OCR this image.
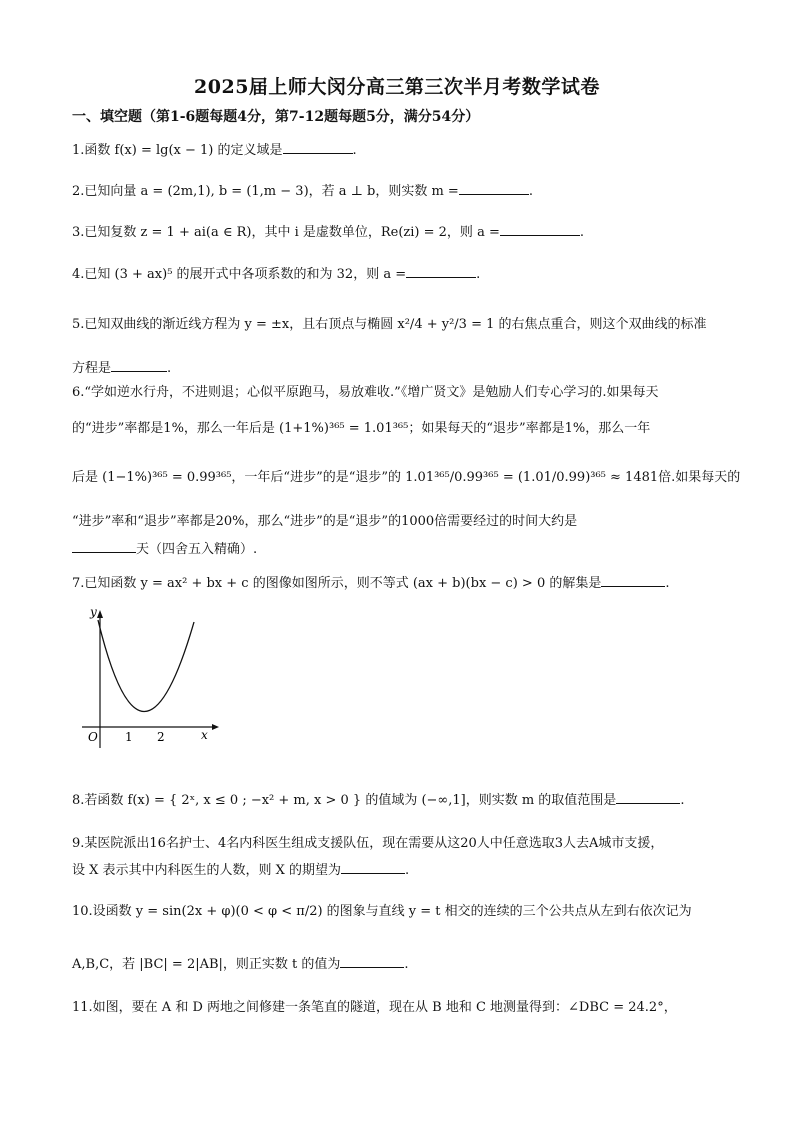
2025届上师大闵分高三第三次半月考数学试卷
一、填空题（第1-6题每题4分，第7-12题每题5分，满分54分）
1.函数 f(x) = lg(x − 1) 的定义域是	.
2.已知向量 a = (2m,1), b = (1,m − 3)，若 a ⊥ b，则实数 m =	.
3.已知复数 z = 1 + ai(a ∈ R)，其中 i 是虚数单位，Re(zi) = 2，则 a =	.
4.已知 (3 + ax)⁵ 的展开式中各项系数的和为 32，则 a =	.
5.已知双曲线的渐近线方程为 y = ±x，且右顶点与椭圆 x²/4 + y²/3 = 1 的右焦点重合，则这个双曲线的标准
方程是	.
6.“学如逆水行舟，不进则退；心似平原跑马，易放难收.”《增广贤文》是勉励人们专心学习的.如果每天
的“进步”率都是1%，那么一年后是 (1+1%)³⁶⁵ = 1.01³⁶⁵；如果每天的“退步”率都是1%，那么一年
后是 (1−1%)³⁶⁵ = 0.99³⁶⁵，一年后“进步”的是“退步”的 1.01³⁶⁵/0.99³⁶⁵ = (1.01/0.99)³⁶⁵ ≈ 1481倍.如果每天的
“进步”率和“退步”率都是20%，那么“进步”的是“退步”的1000倍需要经过的时间大约是
天（四舍五入精确）.
7.已知函数 y = ax² + bx + c 的图像如图所示，则不等式 (ax + b)(bx − c) > 0 的解集是	.
y
x
O 1 2
8.若函数 f(x) = { 2ˣ, x ≤ 0 ; −x² + m, x > 0 } 的值域为 (−∞,1]，则实数 m 的取值范围是	.
9.某医院派出16名护士、4名内科医生组成支援队伍，现在需要从这20人中任意选取3人去A城市支援，
设 X 表示其中内科医生的人数，则 X 的期望为	.
10.设函数 y = sin(2x + φ)(0 < φ < π/2) 的图象与直线 y = t 相交的连续的三个公共点从左到右依次记为
A,B,C，若 |BC| = 2|AB|，则正实数 t 的值为	.
11.如图，要在 A 和 D 两地之间修建一条笔直的隧道，现在从 B 地和 C 地测量得到：∠DBC = 24.2°，
